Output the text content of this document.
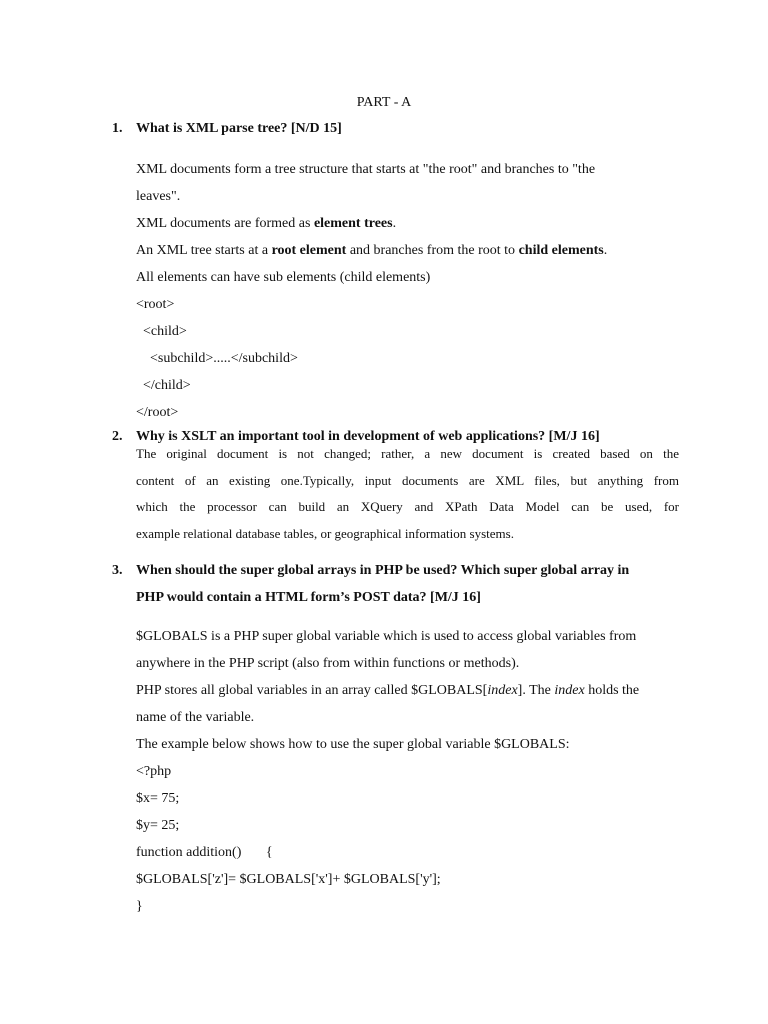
PART - A
1. What is XML parse tree? [N/D 15]
XML documents form a tree structure that starts at "the root" and branches to "the
leaves".
XML documents are formed as element trees.
An XML tree starts at a root element and branches from the root to child elements.
All elements can have sub elements (child elements)
<root>
<child>
<subchild>.....</subchild>
</child>
</root>
2. Why is XSLT an important tool in development of web applications? [M/J 16]
The original document is not changed; rather, a new document is created based on the
content of an existing one.Typically, input documents are XML files, but anything from
which the processor can build an XQuery and XPath Data Model can be used, for
example relational database tables, or geographical information systems.
3. When should the super global arrays in PHP be used? Which super global array in
PHP would contain a HTML form’s POST data? [M/J 16]
$GLOBALS is a PHP super global variable which is used to access global variables from
anywhere in the PHP script (also from within functions or methods).
PHP stores all global variables in an array called $GLOBALS[index]. The index holds the
name of the variable.
The example below shows how to use the super global variable $GLOBALS:
<?php
$x= 75;
$y= 25;
function addition()       {
$GLOBALS['z']= $GLOBALS['x']+ $GLOBALS['y'];
}
